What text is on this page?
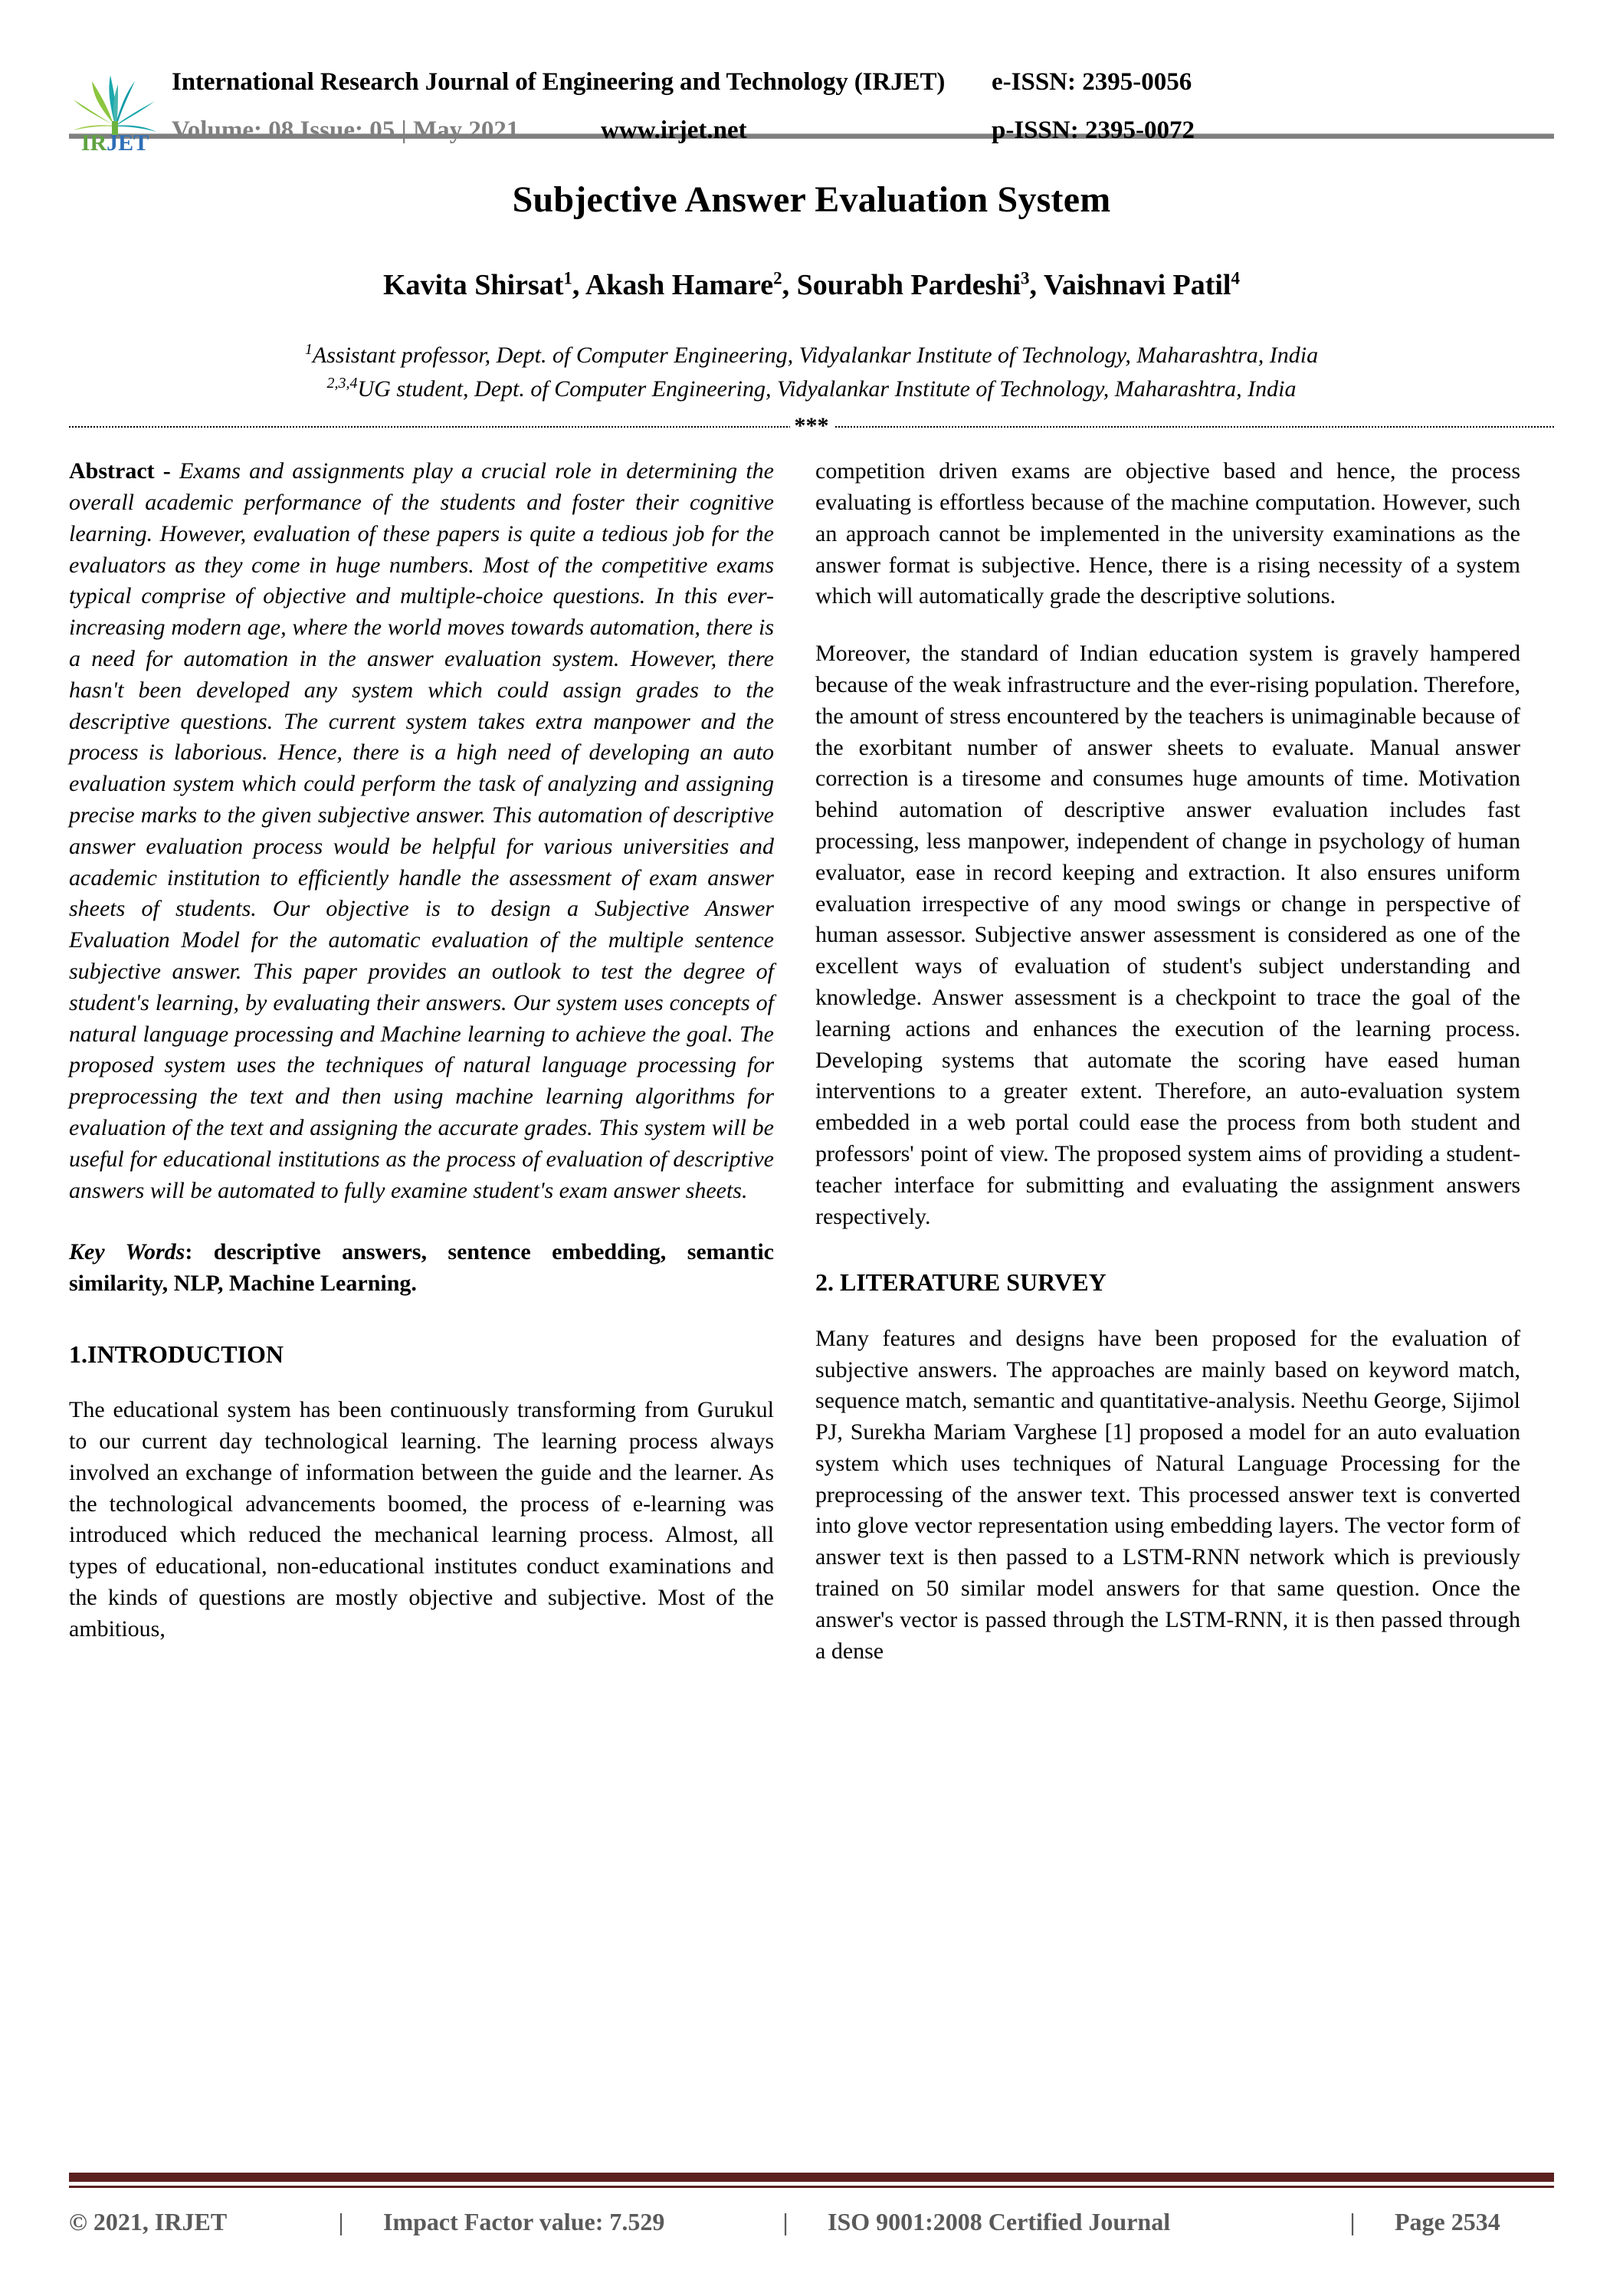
IRJET
International Research Journal of Engineering and Technology (IRJET)	e-ISSN: 2395-0056
Volume: 08 Issue: 05 | May 2021	www.irjet.net	p-ISSN: 2395-0072
Subjective Answer Evaluation System
Kavita Shirsat$^1$, Akash Hamare$^2$, Sourabh Pardeshi$^3$, Vaishnavi Patil$^4$
$^1$Assistant professor, Dept. of Computer Engineering, Vidyalankar Institute of Technology, Maharashtra, India
$^{2,3,4}$UG student, Dept. of Computer Engineering, Vidyalankar Institute of Technology, Maharashtra, India
***

Abstract - Exams and assignments play a crucial role in determining the overall academic performance of the students and foster their cognitive learning. However, evaluation of these papers is quite a tedious job for the evaluators as they come in huge numbers. Most of the competitive exams typical comprise of objective and multiple-choice questions. In this ever-increasing modern age, where the world moves towards automation, there is a need for automation in the answer evaluation system. However, there hasn't been developed any system which could assign grades to the descriptive questions. The current system takes extra manpower and the process is laborious. Hence, there is a high need of developing an auto evaluation system which could perform the task of analyzing and assigning precise marks to the given subjective answer. This automation of descriptive answer evaluation process would be helpful for various universities and academic institution to efficiently handle the assessment of exam answer sheets of students. Our objective is to design a Subjective Answer Evaluation Model for the automatic evaluation of the multiple sentence subjective answer. This paper provides an outlook to test the degree of student's learning, by evaluating their answers. Our system uses concepts of natural language processing and Machine learning to achieve the goal. The proposed system uses the techniques of natural language processing for preprocessing the text and then using machine learning algorithms for evaluation of the text and assigning the accurate grades. This system will be useful for educational institutions as the process of evaluation of descriptive answers will be automated to fully examine student's exam answer sheets.

Key Words: descriptive answers, sentence embedding, semantic similarity, NLP, Machine Learning.
1.INTRODUCTION

The educational system has been continuously transforming from Gurukul to our current day technological learning. The learning process always involved an exchange of information between the guide and the learner. As the technological advancements boomed, the process of e-learning was introduced which reduced the mechanical learning process. Almost, all types of educational, non-educational institutes conduct examinations and the kinds of questions are mostly objective and subjective. Most of the ambitious,

competition driven exams are objective based and hence, the process evaluating is effortless because of the machine computation. However, such an approach cannot be implemented in the university examinations as the answer format is subjective. Hence, there is a rising necessity of a system which will automatically grade the descriptive solutions.

Moreover, the standard of Indian education system is gravely hampered because of the weak infrastructure and the ever-rising population. Therefore, the amount of stress encountered by the teachers is unimaginable because of the exorbitant number of answer sheets to evaluate. Manual answer correction is a tiresome and consumes huge amounts of time. Motivation behind automation of descriptive answer evaluation includes fast processing, less manpower, independent of change in psychology of human evaluator, ease in record keeping and extraction. It also ensures uniform evaluation irrespective of any mood swings or change in perspective of human assessor. Subjective answer assessment is considered as one of the excellent ways of evaluation of student's subject understanding and knowledge. Answer assessment is a checkpoint to trace the goal of the learning actions and enhances the execution of the learning process. Developing systems that automate the scoring have eased human interventions to a greater extent. Therefore, an auto-evaluation system embedded in a web portal could ease the process from both student and professors' point of view. The proposed system aims of providing a student- teacher interface for submitting and evaluating the assignment answers respectively.

2. LITERATURE SURVEY

Many features and designs have been proposed for the evaluation of subjective answers. The approaches are mainly based on keyword match, sequence match, semantic and quantitative-analysis. Neethu George, Sijimol PJ, Surekha Mariam Varghese [1] proposed a model for an auto evaluation system which uses techniques of Natural Language Processing for the preprocessing of the answer text. This processed answer text is converted into glove vector representation using embedding layers. The vector form of answer text is then passed to a LSTM-RNN network which is previously trained on 50 similar model answers for that same question. Once the answer's vector is passed through the LSTM-RNN, it is then passed through a dense

© 2021, IRJET	|	Impact Factor value: 7.529	|	ISO 9001:2008 Certified Journal	|	Page 2534
